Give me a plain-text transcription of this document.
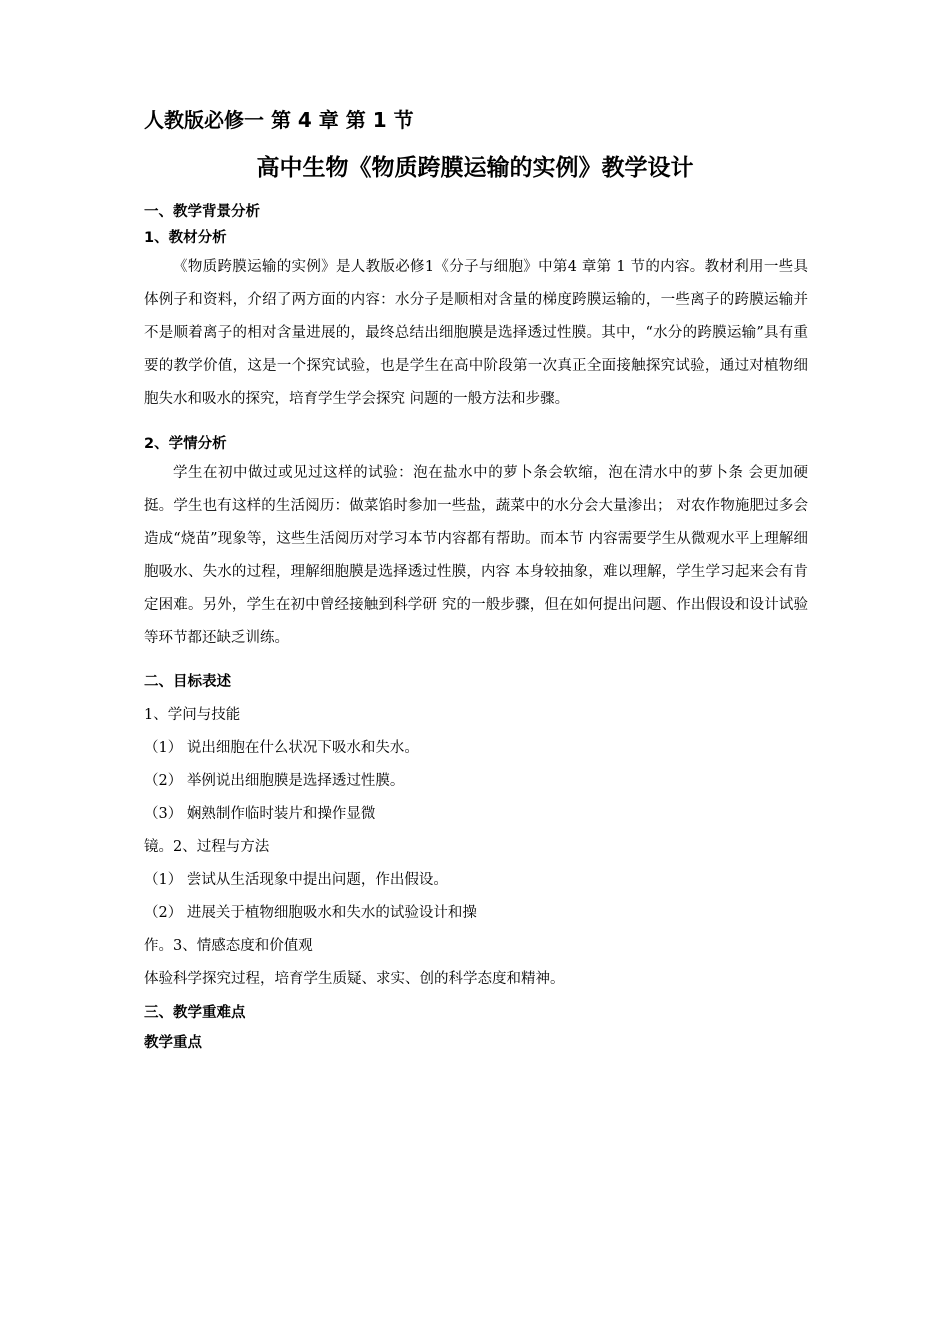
人教版必修一 第 4 章 第 1 节
高中生物《物质跨膜运输的实例》教学设计
一、教学背景分析
1、教材分析

《物质跨膜运输的实例》是人教版必修1《分子与细胞》中第4 章第 1 节的内容。教材利用一些具体例子和资料，介绍了两方面的内容：水分子是顺相对含量的梯度跨膜运输的，一些离子的跨膜运输并不是顺着离子的相对含量进展的，最终总结出细胞膜是选择透过性膜。其中，“水分的跨膜运输”具有重要的教学价值，这是一个探究试验，也是学生在高中阶段第一次真正全面接触探究试验，通过对植物细胞失水和吸水的探究，培育学生学会探究 问题的一般方法和步骤。

2、学情分析

学生在初中做过或见过这样的试验：泡在盐水中的萝卜条会软缩，泡在清水中的萝卜条 会更加硬挺。学生也有这样的生活阅历：做菜馅时参加一些盐，蔬菜中的水分会大量渗出； 对农作物施肥过多会造成“烧苗”现象等，这些生活阅历对学习本节内容都有帮助。而本节 内容需要学生从微观水平上理解细胞吸水、失水的过程，理解细胞膜是选择透过性膜，内容 本身较抽象，难以理解，学生学习起来会有肯定困难。另外，学生在初中曾经接触到科学研 究的一般步骤，但在如何提出问题、作出假设和设计试验等环节都还缺乏训练。

二、目标表述
1、学问与技能
（1） 说出细胞在什么状况下吸水和失水。
（2） 举例说出细胞膜是选择透过性膜。
（3） 娴熟制作临时装片和操作显微
镜。2、过程与方法
（1） 尝试从生活现象中提出问题，作出假设。
（2） 进展关于植物细胞吸水和失水的试验设计和操
作。3、情感态度和价值观
体验科学探究过程，培育学生质疑、求实、创的科学态度和精神。
三、教学重难点
教学重点
